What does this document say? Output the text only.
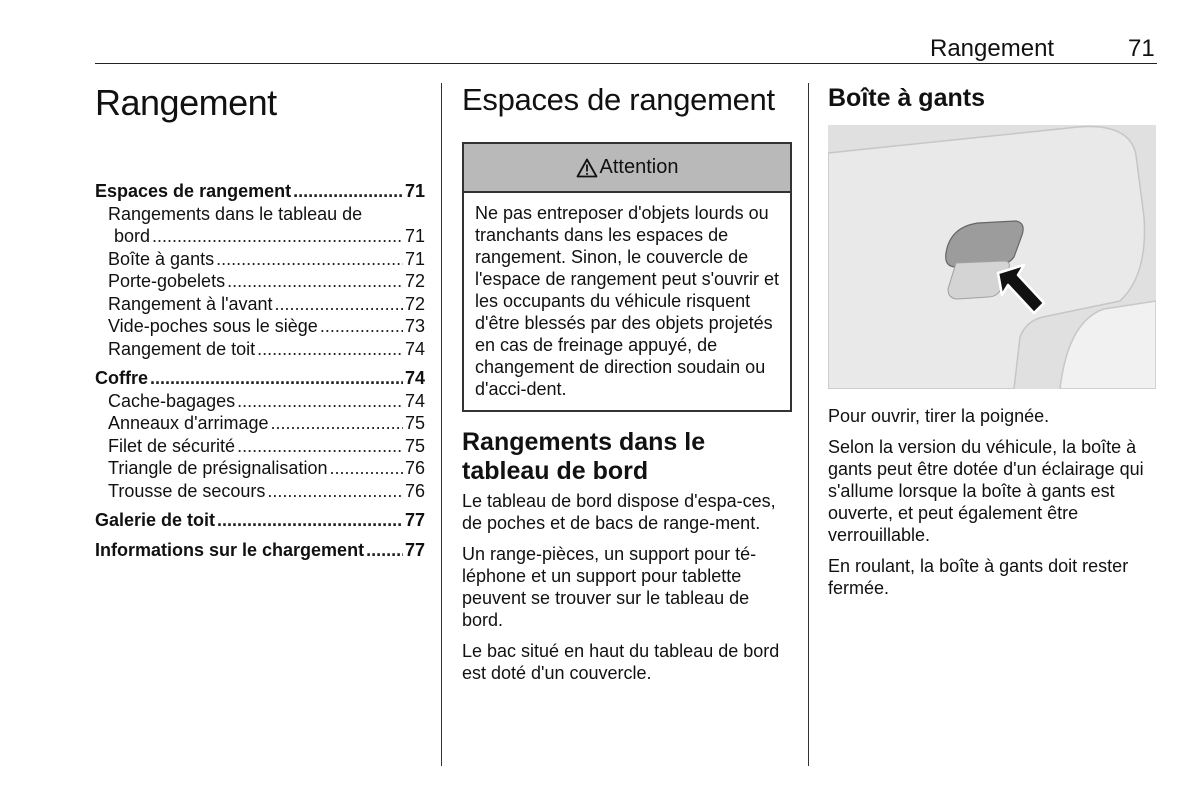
Rangement	71
Rangement
Espaces de rangement .....	71
Rangements dans le tableau de
bord .....	71
Boîte à gants .....	71
Porte-gobelets .....	72
Rangement à l'avant .....	72
Vide-poches sous le siège .....	73
Rangement de toit .....	74
Coffre .....	74
Cache-bagages .....	74
Anneaux d'arrimage .....	75
Filet de sécurité .....	75
Triangle de présignalisation .....	76
Trousse de secours .....	76
Galerie de toit .....	77
Informations sur le chargement ..... 77
Espaces de rangement
Attention
Ne pas entreposer d'objets lourds ou tranchants dans les espaces de rangement. Sinon, le couvercle de l'espace de rangement peut s'ouvrir et les occupants du véhicule risquent d'être blessés par des objets projetés en cas de freinage appuyé, de changement de direction soudain ou d'acci-dent.
Rangements dans le tableau de bord

Le tableau de bord dispose d'espa-ces, de poches et de bacs de range-ment.

Un range-pièces, un support pour té-léphone et un support pour tablette peuvent se trouver sur le tableau de bord.

Le bac situé en haut du tableau de bord est doté d'un couvercle.

Boîte à gants

Pour ouvrir, tirer la poignée.

Selon la version du véhicule, la boîte à gants peut être dotée d'un éclairage qui s'allume lorsque la boîte à gants est ouverte, et peut également être verrouillable.

En roulant, la boîte à gants doit rester fermée.
